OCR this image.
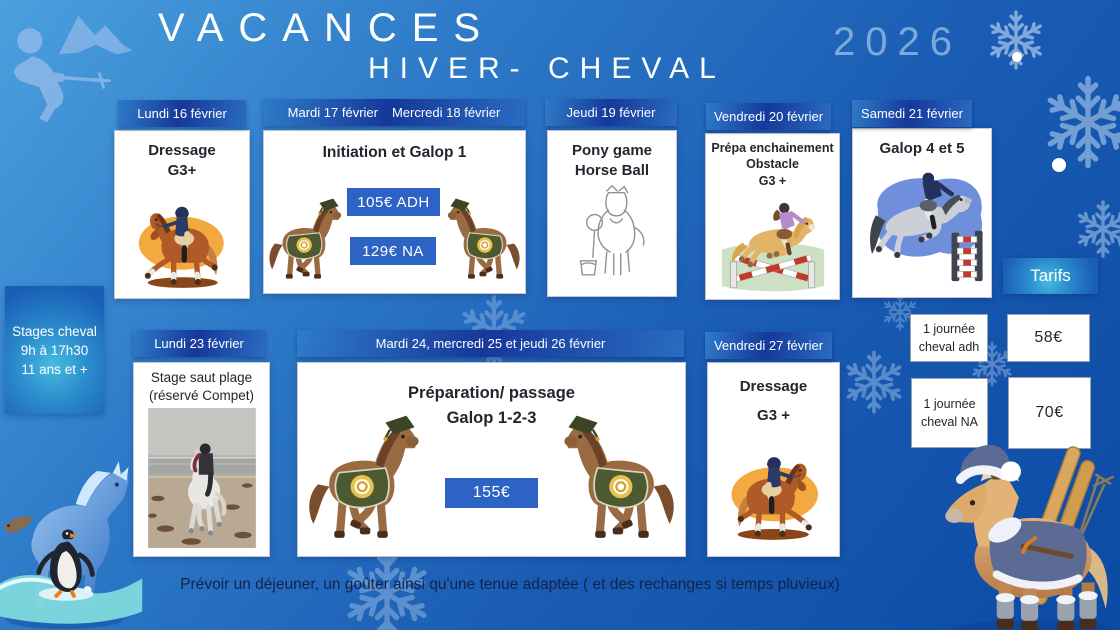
VACANCES
HIVER- CHEVAL
2026
Lundi 16 février	Mardi 17 février Mercredi 18 février	Jeudi 19 février	Vendredi 20 février	Samedi 21 février
Dressage
G3+
Initiation et Galop 1
105€ ADH
129€ NA
Pony game
Horse Ball
Prépa enchainement
Obstacle
G3 +
Galop 4 et 5
Stages cheval
9h à 17h30
11 ans et +
Tarifs
1 journée cheval adh
58€
1 journée cheval NA
70€
Lundi 23 février	Mardi 24, mercredi 25 et jeudi 26 février	Vendredi 27 février
Stage saut plage
(réservé Compet)	Préparation/ passage
Galop 1-2-3
155€
Dressage
G3 +
Prévoir un déjeuner, un goûter ainsi qu'une tenue adaptée ( et des rechanges si temps pluvieux)
